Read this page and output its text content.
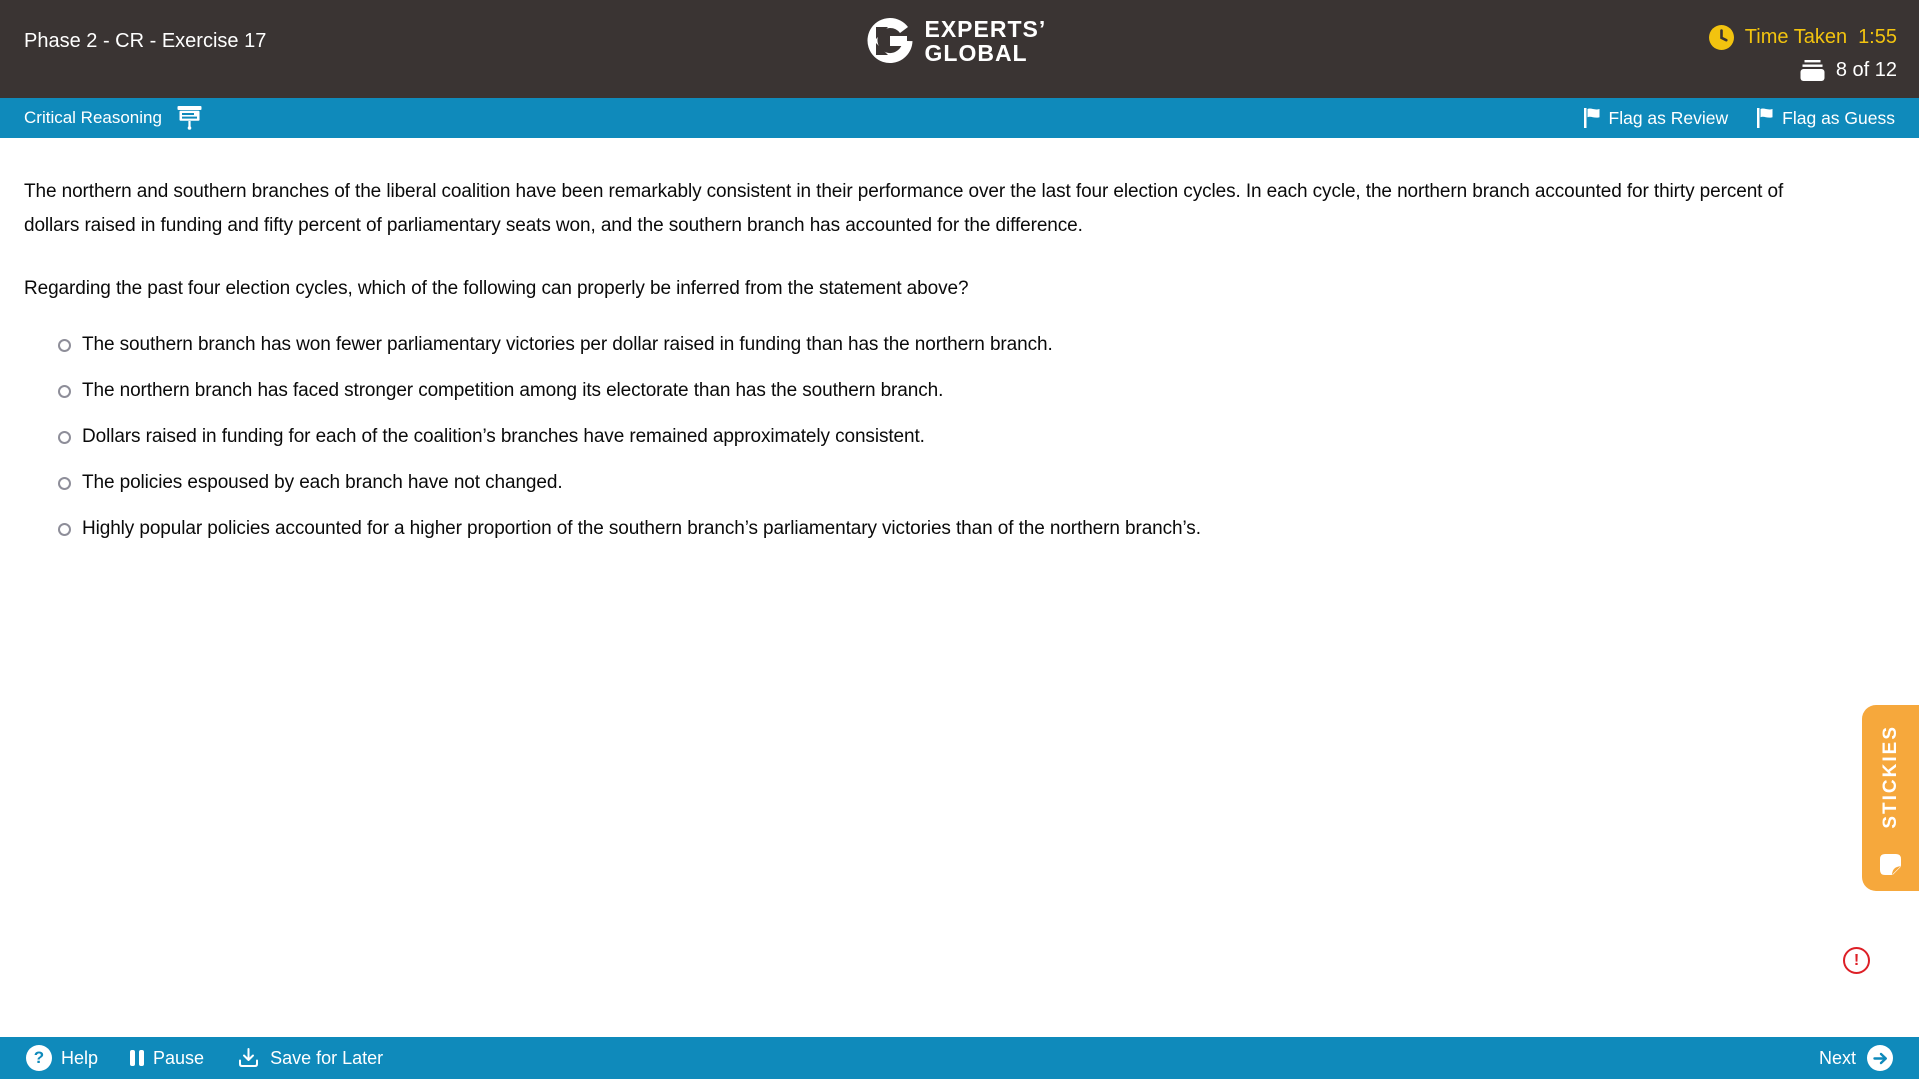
Phase 2 - CR - Exercise 17	EXPERTS’
GLOBAL
Time Taken 1:55
8 of 12
Critical Reasoning	Flag as Review	Flag as Guess

The northern and southern branches of the liberal coalition have been remarkably consistent in their performance over the last four election cycles. In each cycle, the northern branch accounted for thirty percent of dollars raised in funding and fifty percent of parliamentary seats won, and the southern branch has accounted for the difference.

Regarding the past four election cycles, which of the following can properly be inferred from the statement above?

The southern branch has won fewer parliamentary victories per dollar raised in funding than has the northern branch.
The northern branch has faced stronger competition among its electorate than has the southern branch.
Dollars raised in funding for each of the coalition’s branches have remained approximately consistent.
The policies espoused by each branch have not changed.
Highly popular policies accounted for a higher proportion of the southern branch’s parliamentary victories than of the northern branch’s.
STICKIES
!
? Help	Pause	Save for Later	Next
